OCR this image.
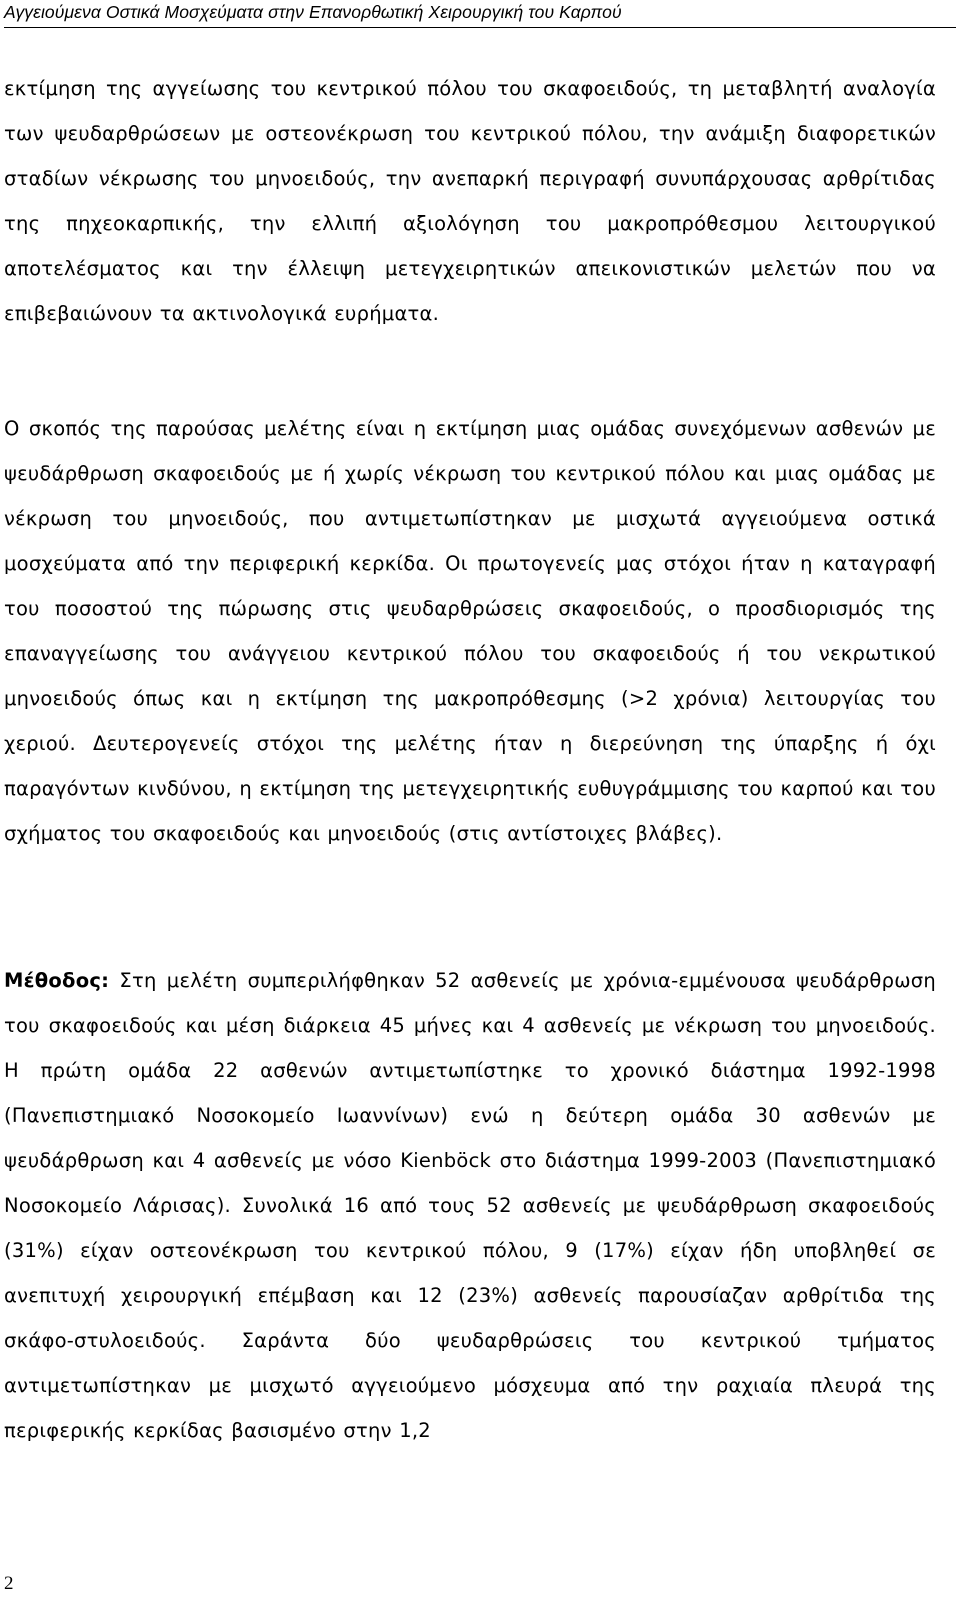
Αγγειούμενα Οστικά Μοσχεύματα στην Επανορθωτική Χειρουργική του Καρπού

εκτίμηση της αγγείωσης του κεντρικού πόλου του σκαφοειδούς, τη μεταβλητή αναλογία των ψευδαρθρώσεων με οστεονέκρωση του κεντρικού πόλου, την ανάμιξη διαφορετικών σταδίων νέκρωσης του μηνοειδούς, την ανεπαρκή περιγραφή συνυπάρχουσας αρθρίτιδας της πηχεοκαρπικής, την ελλιπή αξιολόγηση του μακροπρόθεσμου λειτουργικού αποτελέσματος και την έλλειψη μετεγχειρητικών απεικονιστικών μελετών που να επιβεβαιώνουν τα ακτινολογικά ευρήματα.

Ο σκοπός της παρούσας μελέτης είναι η εκτίμηση μιας ομάδας συνεχόμενων ασθενών με ψευδάρθρωση σκαφοειδούς με ή χωρίς νέκρωση του κεντρικού πόλου και μιας ομάδας με νέκρωση του μηνοειδούς, που αντιμετωπίστηκαν με μισχωτά αγγειούμενα οστικά μοσχεύματα από την περιφερική κερκίδα. Οι πρωτογενείς μας στόχοι ήταν η καταγραφή του ποσοστού της πώρωσης στις ψευδαρθρώσεις σκαφοειδούς, ο προσδιορισμός της επαναγγείωσης του ανάγγειου κεντρικού πόλου του σκαφοειδούς ή του νεκρωτικού μηνοειδούς όπως και η εκτίμηση της μακροπρόθεσμης (>2 χρόνια) λειτουργίας του χεριού. Δευτερογενείς στόχοι της μελέτης ήταν η διερεύνηση της ύπαρξης ή όχι παραγόντων κινδύνου, η εκτίμηση της μετεγχειρητικής ευθυγράμμισης του καρπού και του σχήματος του σκαφοειδούς και μηνοειδούς (στις αντίστοιχες βλάβες).

Μέθοδος: Στη μελέτη συμπεριλήφθηκαν 52 ασθενείς με χρόνια-εμμένουσα ψευδάρθρωση του σκαφοειδούς και μέση διάρκεια 45 μήνες και 4 ασθενείς με νέκρωση του μηνοειδούς. Η πρώτη ομάδα 22 ασθενών αντιμετωπίστηκε το χρονικό διάστημα 1992-1998 (Πανεπιστημιακό Νοσοκομείο Ιωαννίνων) ενώ η δεύτερη ομάδα 30 ασθενών με ψευδάρθρωση και 4 ασθενείς με νόσο Kienböck στο διάστημα 1999-2003 (Πανεπιστημιακό Νοσοκομείο Λάρισας). Συνολικά 16 από τους 52 ασθενείς με ψευδάρθρωση σκαφοειδούς (31%) είχαν οστεονέκρωση του κεντρικού πόλου, 9 (17%) είχαν ήδη υποβληθεί σε ανεπιτυχή χειρουργική επέμβαση και 12 (23%) ασθενείς παρουσίαζαν αρθρίτιδα της σκάφο-στυλοειδούς. Σαράντα δύο ψευδαρθρώσεις του κεντρικού τμήματος αντιμετωπίστηκαν με μισχωτό αγγειούμενο μόσχευμα από την ραχιαία πλευρά της περιφερικής κερκίδας βασισμένο στην 1,2

2
